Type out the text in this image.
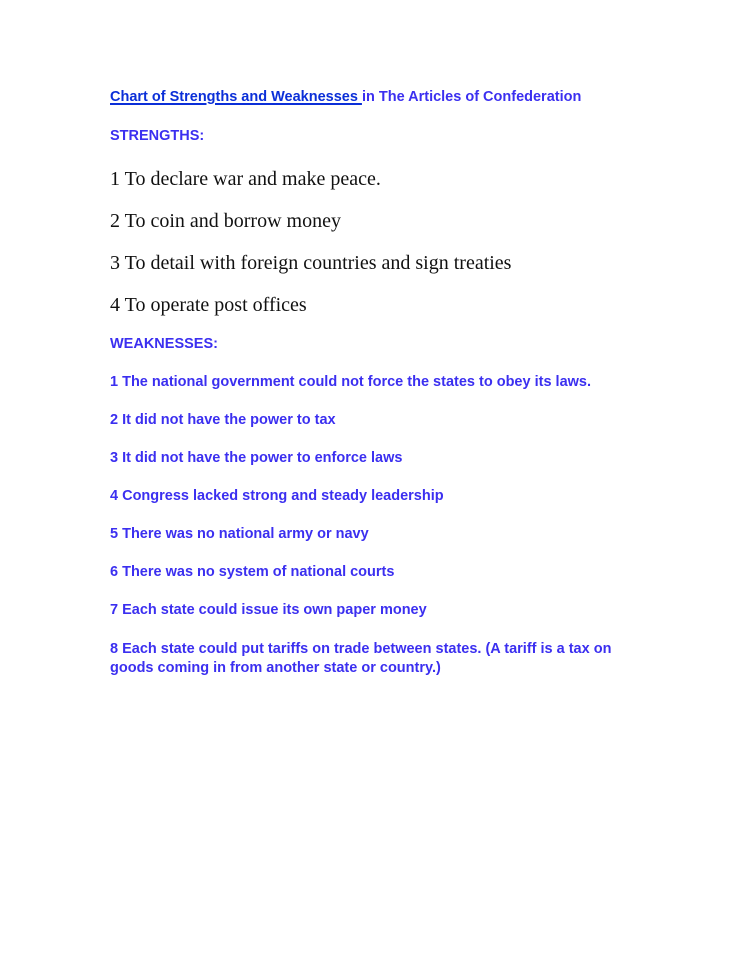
Chart of Strengths and Weaknesses in The Articles of Confederation
STRENGTHS:
1 To declare war and make peace.
2 To coin and borrow money
3 To detail with foreign countries and sign treaties
4 To operate post offices
WEAKNESSES:
1 The national government could not force the states to obey its laws.
2 It did not have the power to tax
3 It did not have the power to enforce laws
4 Congress lacked strong and steady leadership
5 There was no national army or navy
6 There was no system of national courts
7 Each state could issue its own paper money
8 Each state could put tariffs on trade between states. (A tariff is a tax on goods coming in from another state or country.)
